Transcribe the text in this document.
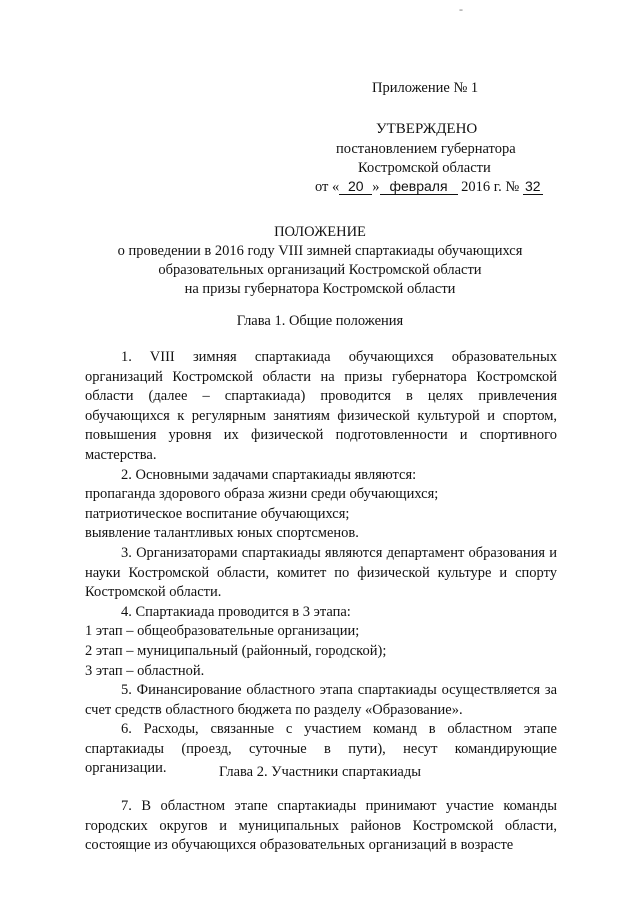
-
Приложение № 1
УТВЕРЖДЕНО
постановлением губернатора
Костромской области
от « 20 » февраля 2016 г. № 32
ПОЛОЖЕНИЕ
о проведении в 2016 году VIII зимней спартакиады обучающихся
образовательных организаций Костромской области
на призы губернатора Костромской области
Глава 1. Общие положения

1. VIII зимняя спартакиада обучающихся образовательных организаций Костромской области на призы губернатора Костромской области (далее – спартакиада) проводится в целях привлечения обучающихся к регулярным занятиям физической культурой и спортом, повышения уровня их физической подготовленности и спортивного мастерства.

2. Основными задачами спартакиады являются:

пропаганда здорового образа жизни среди обучающихся;

патриотическое воспитание обучающихся;

выявление талантливых юных спортсменов.

3. Организаторами спартакиады являются департамент образования и науки Костромской области, комитет по физической культуре и спорту Костромской области.

4. Спартакиада проводится в 3 этапа:

1 этап – общеобразовательные организации;

2 этап – муниципальный (районный, городской);

3 этап – областной.

5. Финансирование областного этапа спартакиады осуществляется за счет средств областного бюджета по разделу «Образование».

6. Расходы, связанные с участием команд в областном этапе спартакиады (проезд, суточные в пути), несут командирующие организации.	Глава 2. Участники спартакиады

7. В областном этапе спартакиады принимают участие команды городских округов и муниципальных районов Костромской области, состоящие из обучающихся образовательных организаций в возрасте
